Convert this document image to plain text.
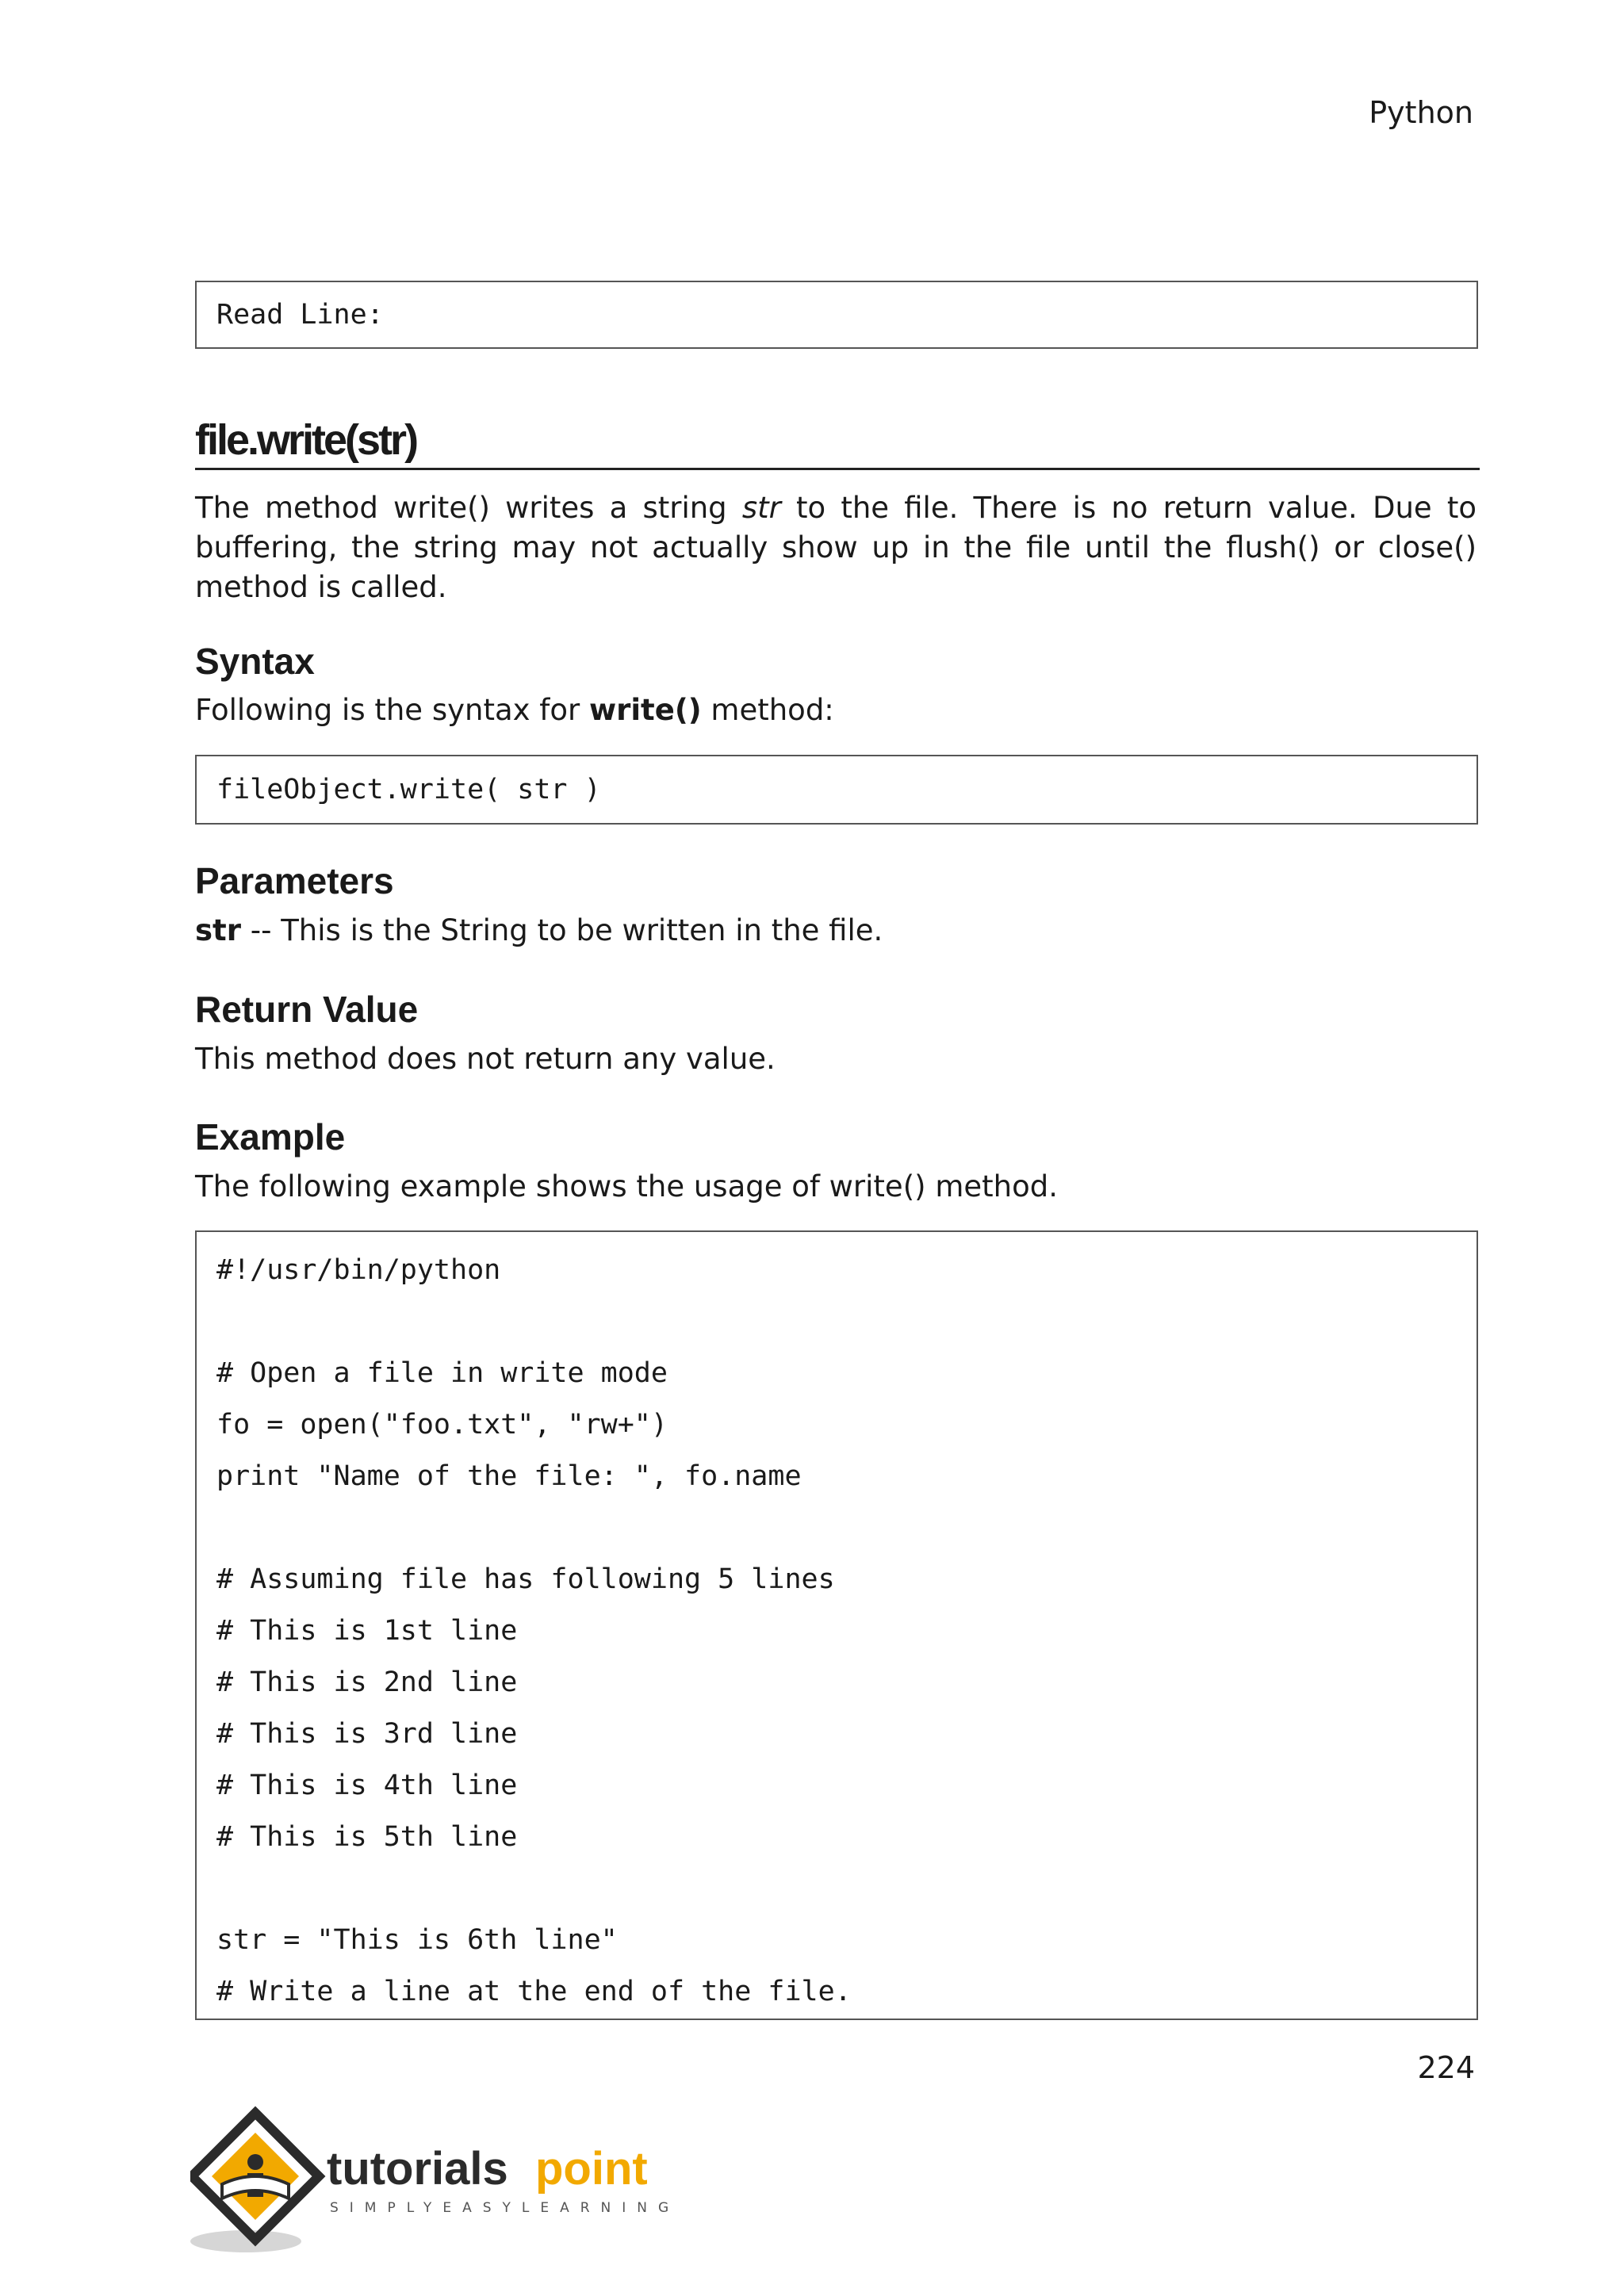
Python
Read Line:
file.write(str)

The method write() writes a string str to the file. There is no return value. Due to buffering, the string may not actually show up in the file until the flush() or close() method is called.

Syntax

Following is the syntax for write() method:

fileObject.write( str )
Parameters

str -- This is the String to be written in the file.

Return Value

This method does not return any value.

Example

The following example shows the usage of write() method.

#!/usr/bin/python
# Open a file in write mode
fo = open("foo.txt", "rw+")
print "Name of the file: ", fo.name
# Assuming file has following 5 lines
# This is 1st line
# This is 2nd line
# This is 3rd line
# This is 4th line
# This is 5th line
str = "This is 6th line"
# Write a line at the end of the file.
224
tutorials point
SIMPLYEASYLEARNING
